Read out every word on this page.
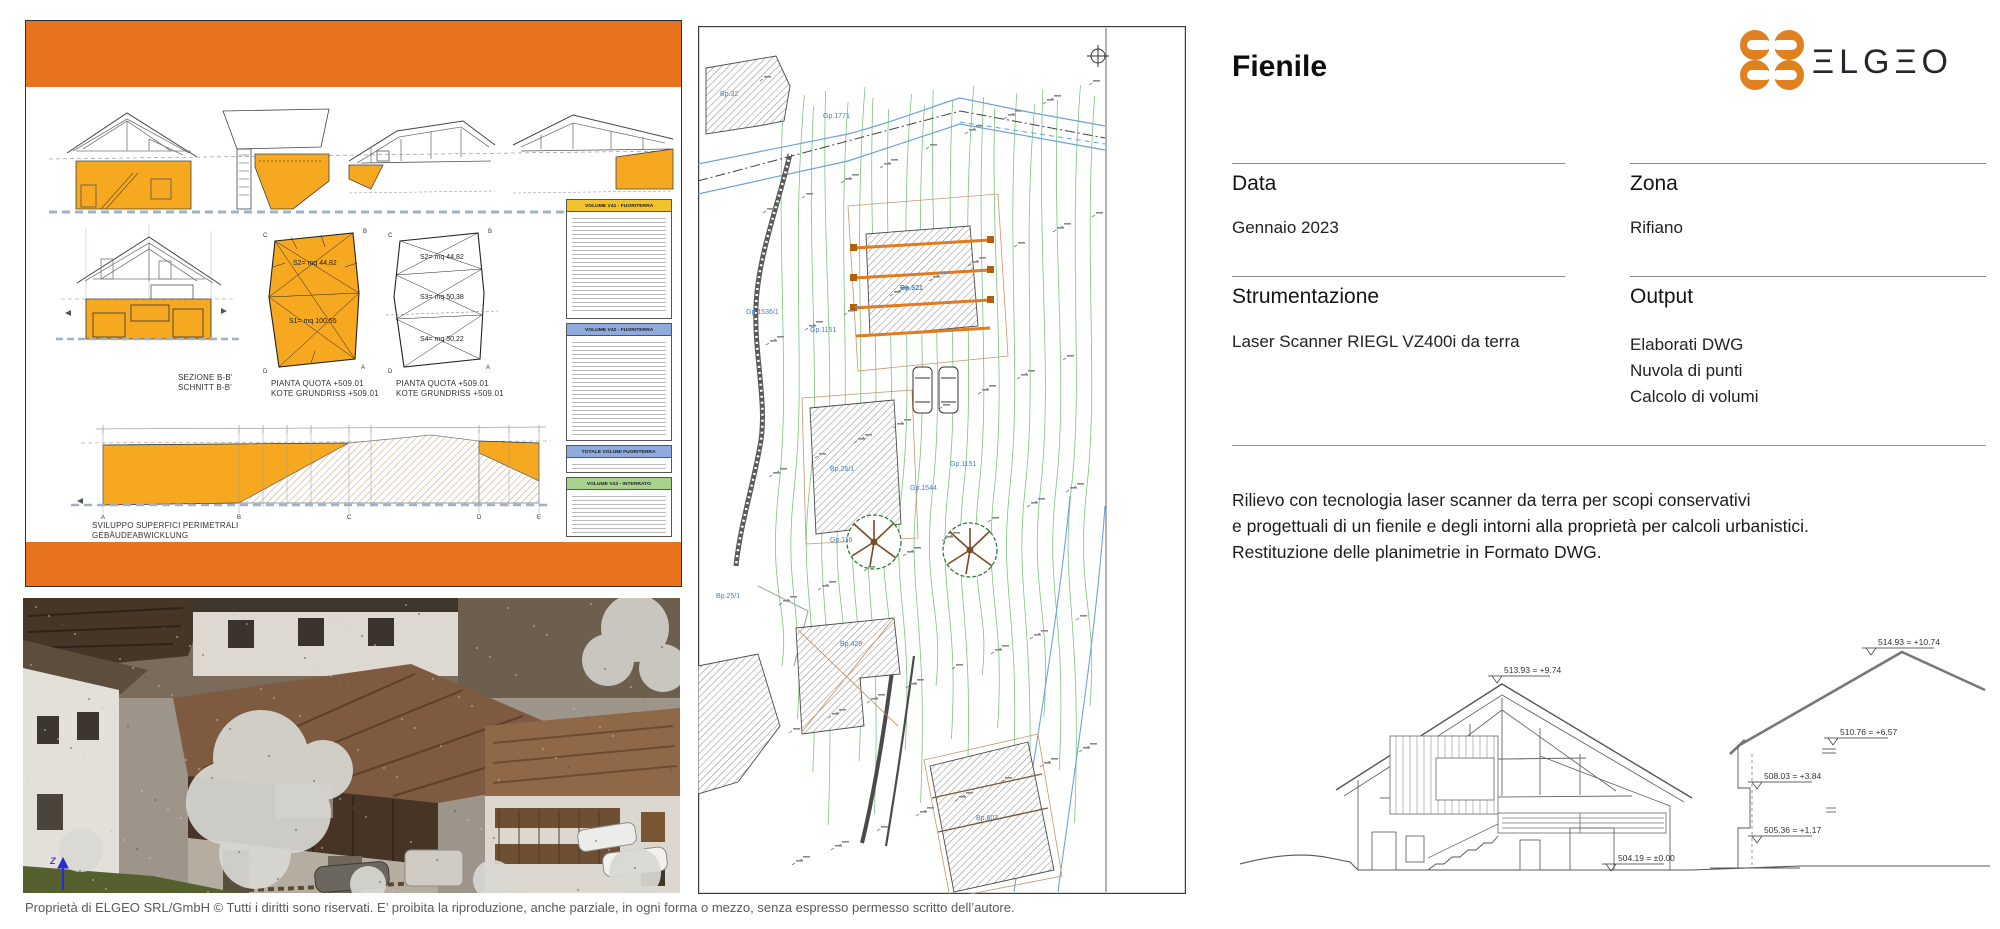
SEZIONE B-B'
SCHNITT B-B'
C
B
D
A
S2= mq 44,82
S1= mq 100,55
PIANTA QUOTA +509.01
KOTE GRUNDRISS +509.01
C
B
D
A
S2= mq 44,82
S3= mq 50,38
S4= mq 50,22
PIANTA QUOTA +509.01
KOTE GRUNDRISS +509.01
VOLUME V41 - FUORITERRA
VOLUME V42 - FUORITERRA
TOTALE VOLUMI FUORITERRA
VOLUME V43 - INTERRATO
A	B	C	D	E
SVILUPPO SUPERFICI PERIMETRALI
GEBÄUDEABWICKLUNG
z
Bp.32
Gp.1771
Bp.521
Gp.1151
Gp.1151
Gp.1536/1
Bp.26/1
Gp.1544
Gp.116
Bp.25/1
Bp.429
Bp.602
Fienile	ΞLGΞO
Data	Zona
Gennaio 2023	Rifiano
Strumentazione	Output
Laser Scanner RIEGL VZ400i da terra	Elaborati DWG
Nuvola di punti
Calcolo di volumi
Rilievo con tecnologia laser scanner da terra per scopi conservativi
e progettuali di un fienile e degli intorni alla proprietà per calcoli urbanistici.
Restituzione delle planimetrie in Formato DWG.
513.93 = +9.74
514.93 = +10.74
510.76 = +6.57
508.03 = +3.84
505.36 = +1.17
504.19 = ±0.00
Proprietà di ELGEO SRL/GmbH © Tutti i diritti sono riservati. E’ proibita la riproduzione, anche parziale, in ogni forma o mezzo, senza espresso permesso scritto dell’autore.
